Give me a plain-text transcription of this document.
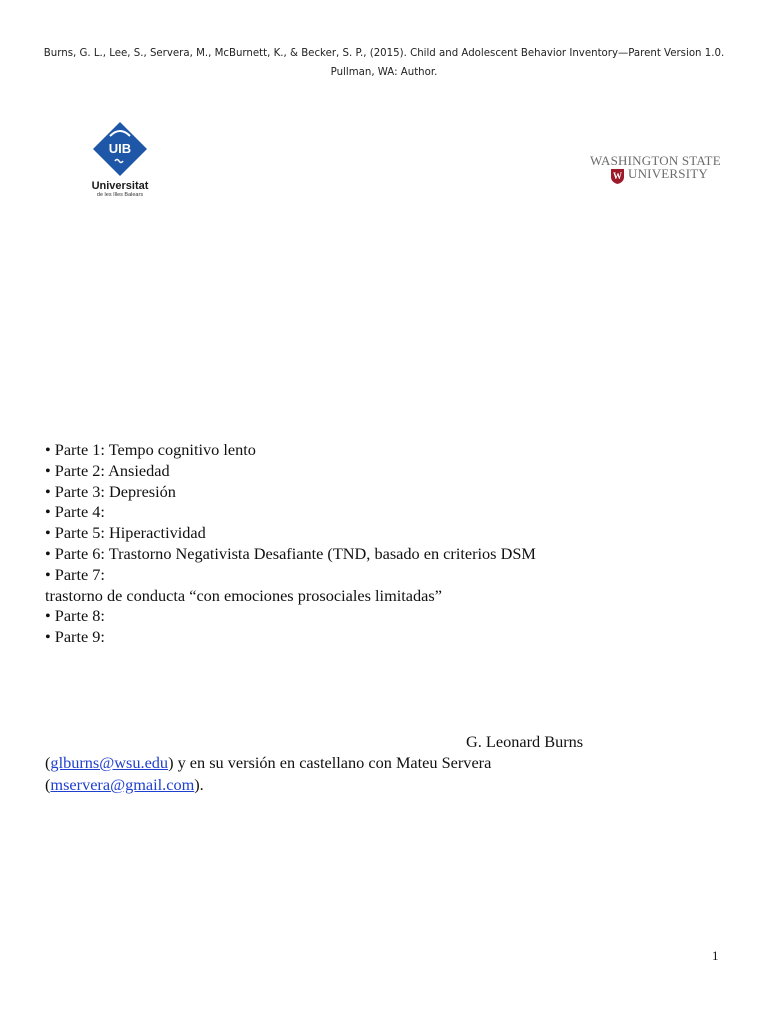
Burns, G. L., Lee, S., Servera, M., McBurnett, K., & Becker, S. P., (2015). Child and Adolescent Behavior Inventory—Parent Version 1.0.
Pullman, WA: Author.
UIB
Universitat
de les Illes Balears
WASHINGTON STATE
W UNIVERSITY
• Parte 1: Tempo cognitivo lento
• Parte 2: Ansiedad
• Parte 3: Depresión
• Parte 4:
• Parte 5: Hiperactividad
• Parte 6: Trastorno Negativista Desafiante (TND, basado en criterios DSM
• Parte 7:
trastorno de conducta “con emociones prosociales limitadas”
• Parte 8:
• Parte 9:
G. Leonard Burns
(glburns@wsu.edu) y en su versión en castellano con Mateu Servera
(mservera@gmail.com).
1
